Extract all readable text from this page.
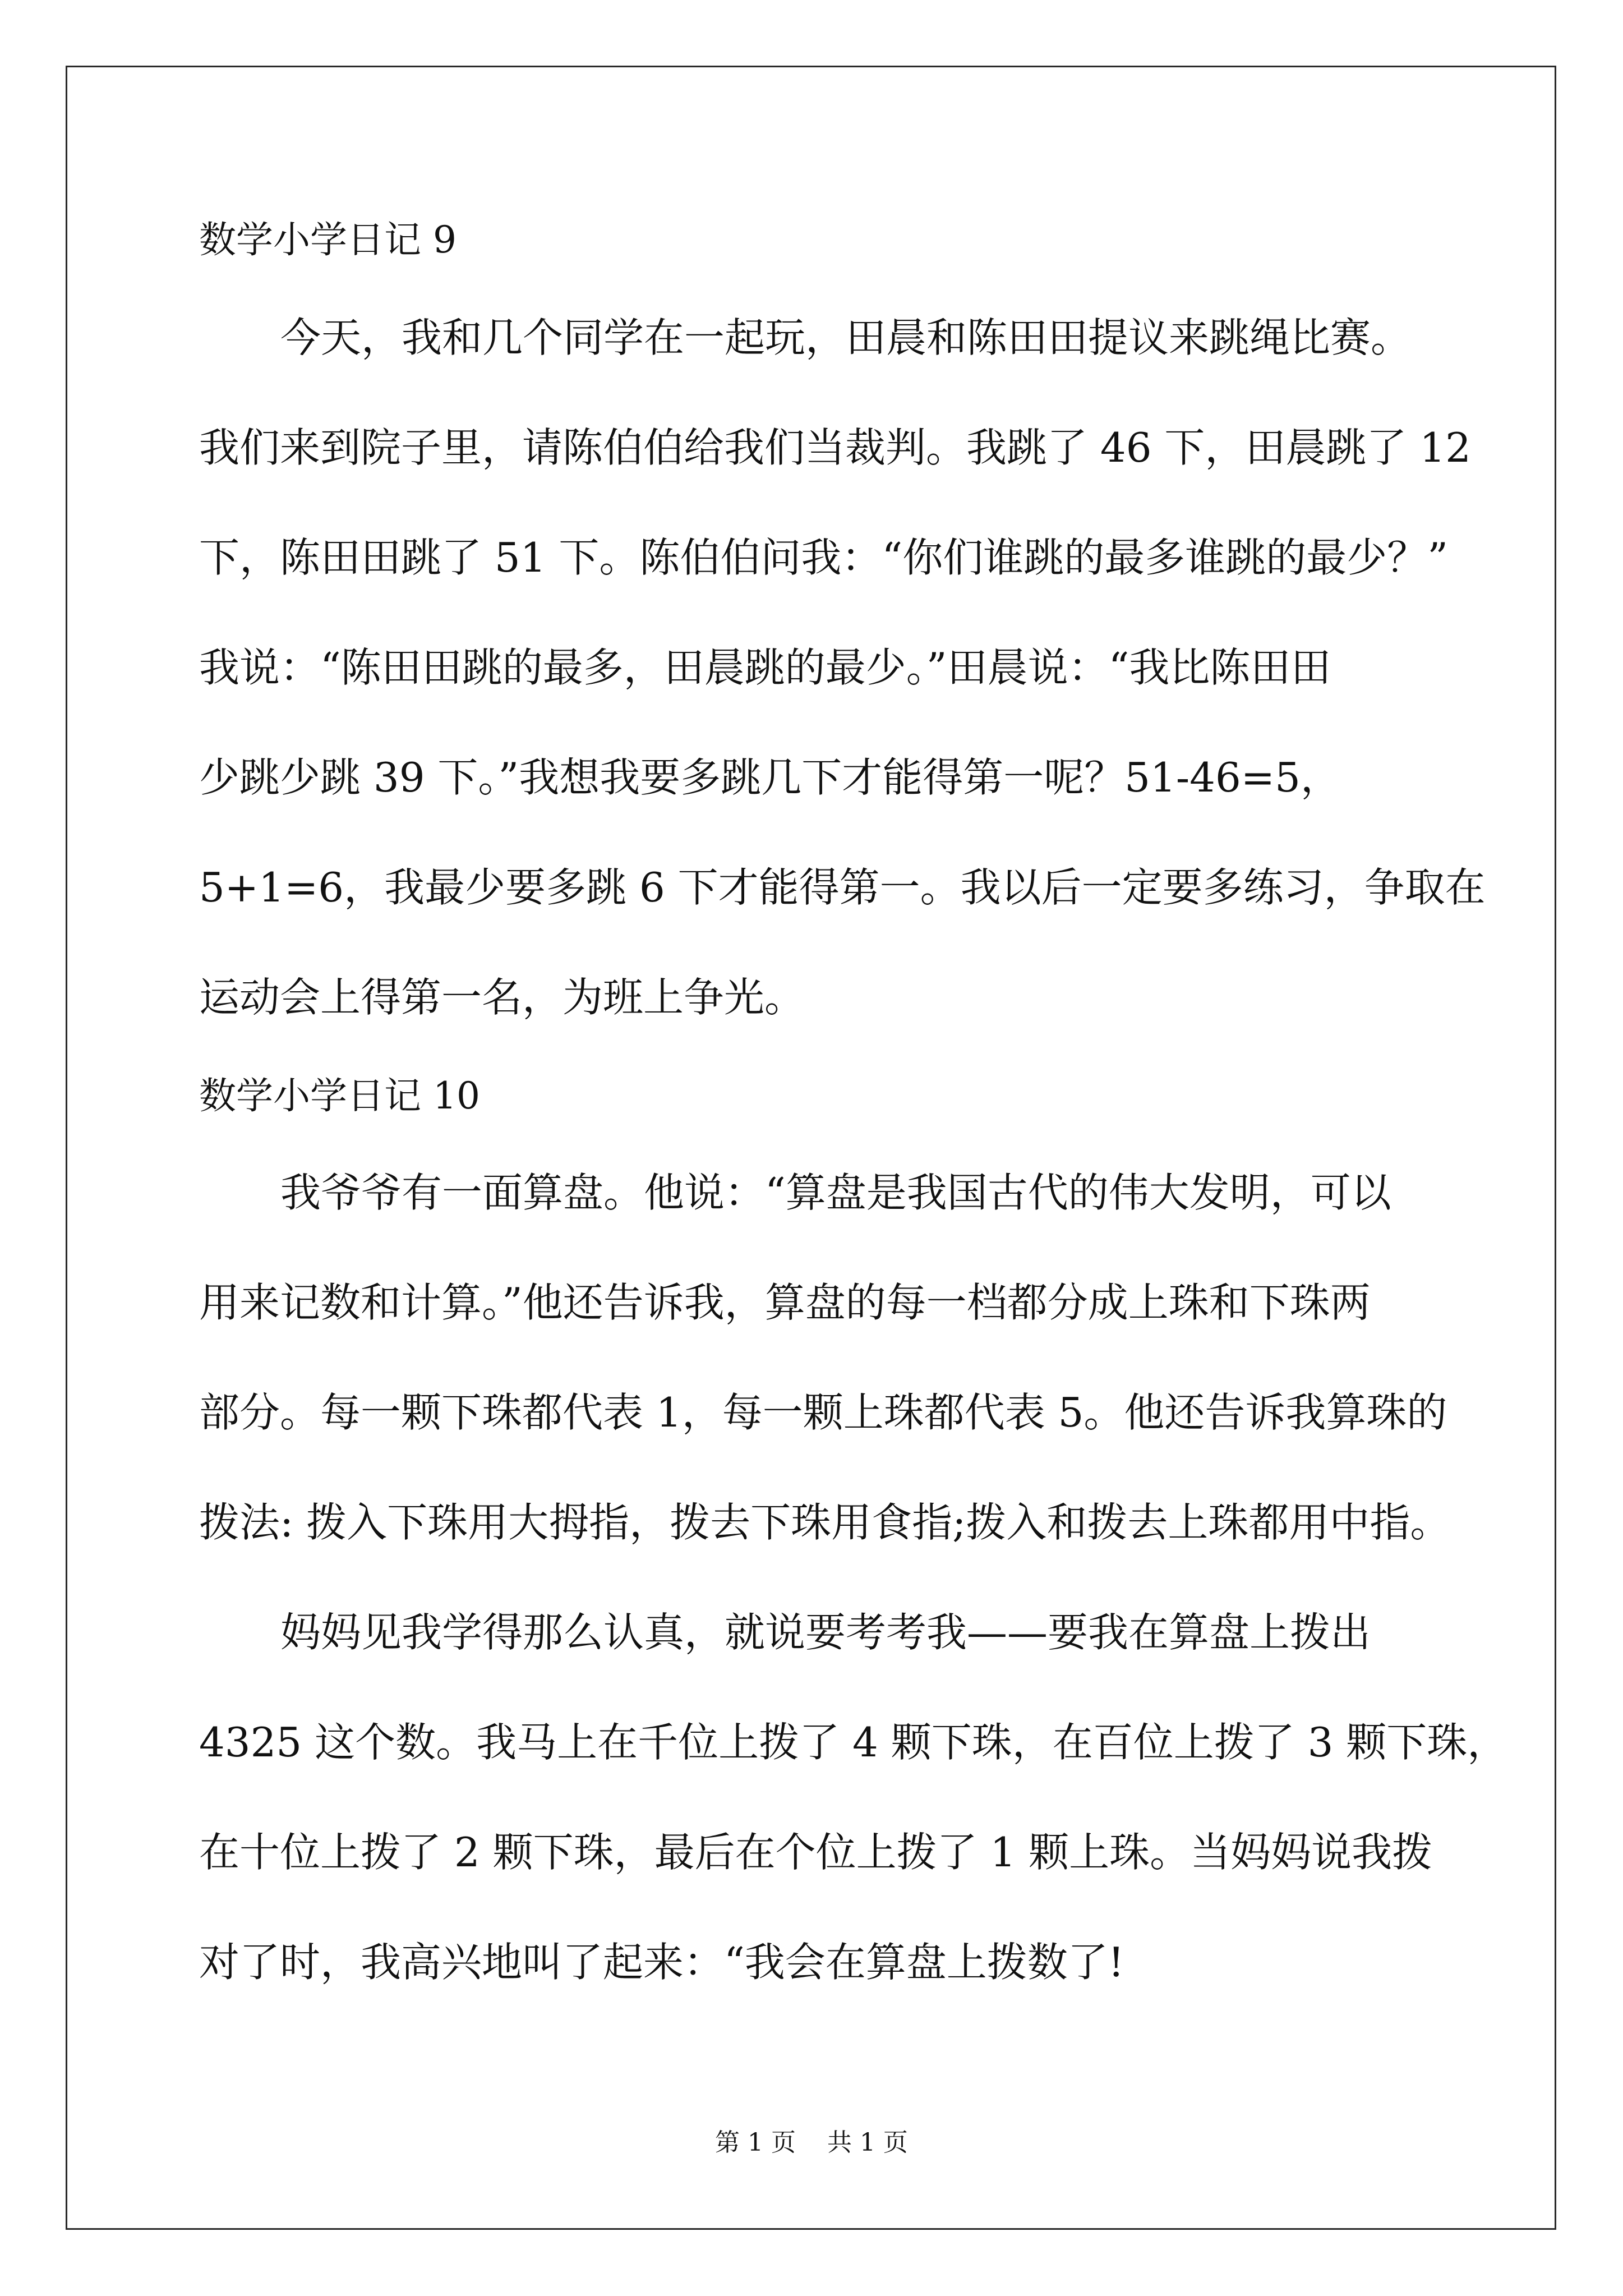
数学小学日记 9
今天，我和几个同学在一起玩，田晨和陈田田提议来跳绳比赛。
我们来到院子里，请陈伯伯给我们当裁判。我跳了 46 下，田晨跳了 12
下，陈田田跳了 51 下。陈伯伯问我：“你们谁跳的最多谁跳的最少？”
我说：“陈田田跳的最多，田晨跳的最少。”田晨说：“我比陈田田
少跳少跳 39 下。”我想我要多跳几下才能得第一呢？51-46=5，
5+1=6，我最少要多跳 6 下才能得第一。我以后一定要多练习，争取在
运动会上得第一名，为班上争光。
数学小学日记 10
我爷爷有一面算盘。他说：“算盘是我国古代的伟大发明，可以
用来记数和计算。”他还告诉我，算盘的每一档都分成上珠和下珠两
部分。每一颗下珠都代表 1，每一颗上珠都代表 5。他还告诉我算珠的
拨法: 拨入下珠用大拇指，拨去下珠用食指;拨入和拨去上珠都用中指。
妈妈见我学得那么认真，就说要考考我——要我在算盘上拨出
4325 这个数。我马上在千位上拨了 4 颗下珠，在百位上拨了 3 颗下珠，
在十位上拨了 2 颗下珠，最后在个位上拨了 1 颗上珠。当妈妈说我拨
对了时，我高兴地叫了起来：“我会在算盘上拨数了!
第 1 页    共 1 页
